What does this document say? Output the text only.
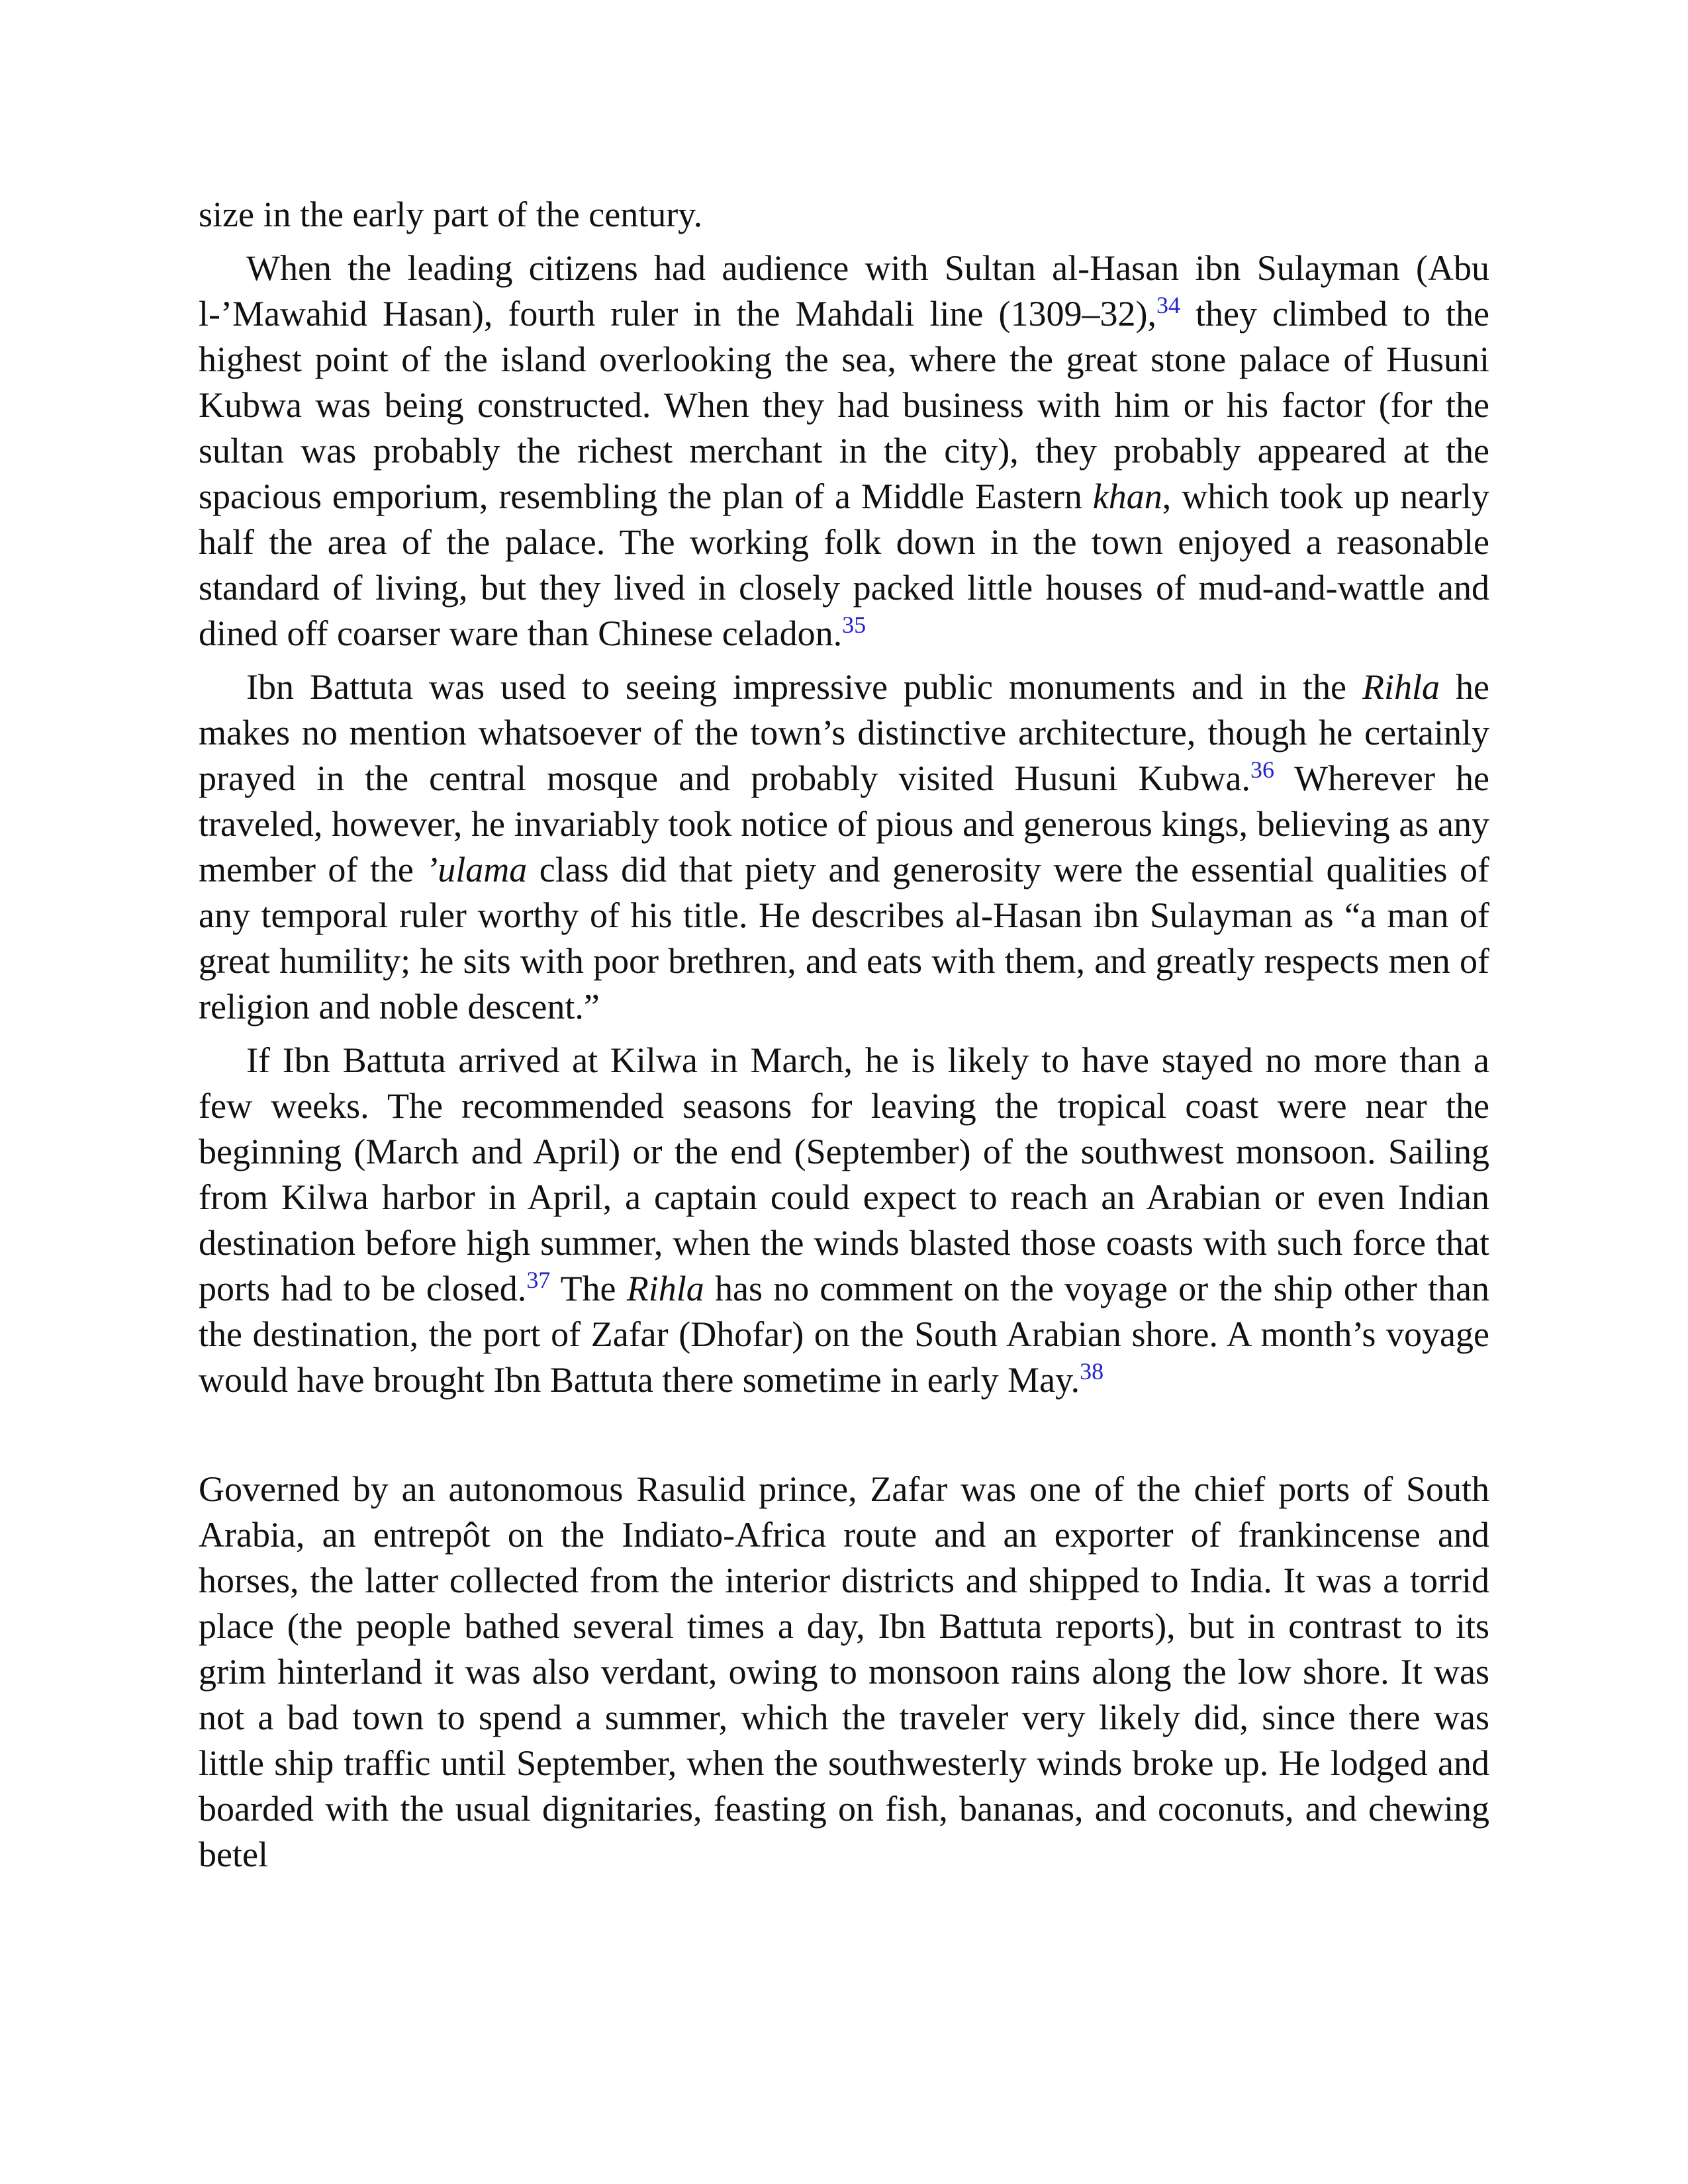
size in the early part of the century.

When the leading citizens had audience with Sultan al-Hasan ibn Sulayman (Abu l-’Mawahid Hasan), fourth ruler in the Mahdali line (1309–32),$^{34}$ they climbed to the highest point of the island overlooking the sea, where the great stone palace of Husuni Kubwa was being constructed. When they had business with him or his factor (for the sultan was probably the richest merchant in the city), they probably appeared at the spacious emporium, resembling the plan of a Middle Eastern khan, which took up nearly half the area of the palace. The working folk down in the town enjoyed a reasonable standard of living, but they lived in closely packed little houses of mud-and-wattle and dined off coarser ware than Chinese celadon.$^{35}$

Ibn Battuta was used to seeing impressive public monuments and in the Rihla he makes no mention whatsoever of the town’s distinctive architecture, though he certainly prayed in the central mosque and probably visited Husuni Kubwa.$^{36}$ Wherever he traveled, however, he invariably took notice of pious and generous kings, believing as any member of the ’ulama class did that piety and generosity were the essential qualities of any temporal ruler worthy of his title. He describes al-Hasan ibn Sulayman as “a man of great humility; he sits with poor brethren, and eats with them, and greatly respects men of religion and noble descent.”

If Ibn Battuta arrived at Kilwa in March, he is likely to have stayed no more than a few weeks. The recommended seasons for leaving the tropical coast were near the beginning (March and April) or the end (September) of the southwest monsoon. Sailing from Kilwa harbor in April, a captain could expect to reach an Arabian or even Indian destination before high summer, when the winds blasted those coasts with such force that ports had to be closed.$^{37}$ The Rihla has no comment on the voyage or the ship other than the destination, the port of Zafar (Dhofar) on the South Arabian shore. A month’s voyage would have brought Ibn Battuta there sometime in early May.$^{38}$

Governed by an autonomous Rasulid prince, Zafar was one of the chief ports of South Arabia, an entrepôt on the Indiato-Africa route and an exporter of frankincense and horses, the latter collected from the interior districts and shipped to India. It was a torrid place (the people bathed several times a day, Ibn Battuta reports), but in contrast to its grim hinterland it was also verdant, owing to monsoon rains along the low shore. It was not a bad town to spend a summer, which the traveler very likely did, since there was little ship traffic until September, when the southwesterly winds broke up. He lodged and boarded with the usual dignitaries, feasting on fish, bananas, and coconuts, and chewing betel
